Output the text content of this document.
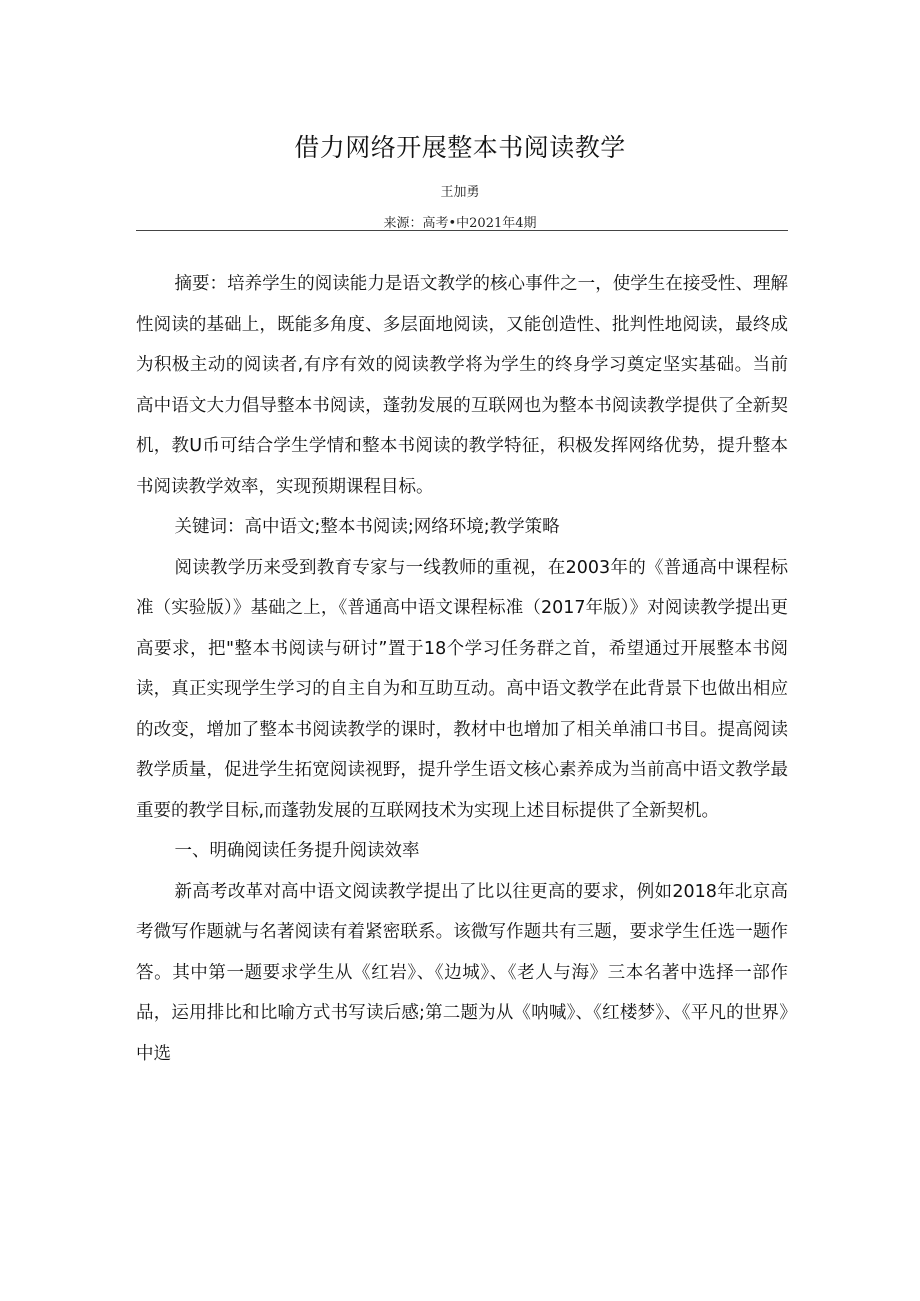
借力网络开展整本书阅读教学
王加勇
来源：高考•中2021年4期

摘要：培养学生的阅读能力是语文教学的核心事件之一，使学生在接受性、理解性阅读的基础上，既能多角度、多层面地阅读，又能创造性、批判性地阅读，最终成为积极主动的阅读者,有序有效的阅读教学将为学生的终身学习奠定坚实基础。当前高中语文大力倡导整本书阅读，蓬勃发展的互联网也为整本书阅读教学提供了全新契机，教U币可结合学生学情和整本书阅读的教学特征，积极发挥网络优势，提升整本书阅读教学效率，实现预期课程目标。

关键词：高中语文;整本书阅读;网络环境;教学策略

阅读教学历来受到教育专家与一线教师的重视，在2003年的《普通高中课程标准（实验版）》基础之上，《普通高中语文课程标准（2017年版）》对阅读教学提出更高要求，把"整本书阅读与研讨”置于18个学习任务群之首，希望通过开展整本书阅读，真正实现学生学习的自主自为和互助互动。高中语文教学在此背景下也做出相应的改变，增加了整本书阅读教学的课时，教材中也增加了相关单浦口书目。提高阅读教学质量，促进学生拓宽阅读视野，提升学生语文核心素养成为当前高中语文教学最重要的教学目标,而蓬勃发展的互联网技术为实现上述目标提供了全新契机。

一、明确阅读任务提升阅读效率

新高考改革对高中语文阅读教学提出了比以往更高的要求，例如2018年北京高考微写作题就与名著阅读有着紧密联系。该微写作题共有三题，要求学生任选一题作答。其中第一题要求学生从《红岩》、《边城》、《老人与海》三本名著中选择一部作品，运用排比和比喻方式书写读后感;第二题为从《呐喊》、《红楼梦》、《平凡的世界》中选
